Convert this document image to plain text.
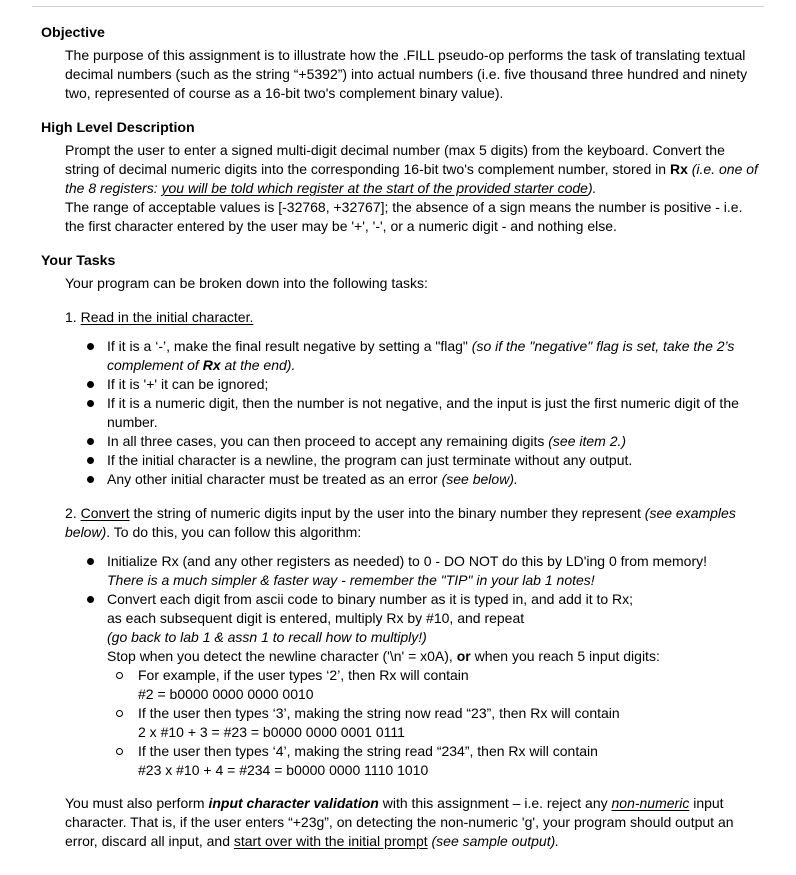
Objective

The purpose of this assignment is to illustrate how the .FILL pseudo-op performs the task of translating textual decimal numbers (such as the string “+5392”) into actual numbers (i.e. five thousand three hundred and ninety two, represented of course as a 16-bit two's complement binary value).

High Level Description

Prompt the user to enter a signed multi-digit decimal number (max 5 digits) from the keyboard. Convert the string of decimal numeric digits into the corresponding 16-bit two's complement number, stored in Rx (i.e. one of the 8 registers: you will be told which register at the start of the provided starter code).

The range of acceptable values is [-32768, +32767]; the absence of a sign means the number is positive - i.e. the first character entered by the user may be '+', '-', or a numeric digit - and nothing else.

Your Tasks

Your program can be broken down into the following tasks:

1. Read in the initial character.

If it is a ‘-’, make the final result negative by setting a "flag" (so if the "negative" flag is set, take the 2’s complement of Rx at the end).
If it is '+' it can be ignored;
If it is a numeric digit, then the number is not negative, and the input is just the first numeric digit of the number.
In all three cases, you can then proceed to accept any remaining digits (see item 2.)
If the initial character is a newline, the program can just terminate without any output.
Any other initial character must be treated as an error (see below).

2. Convert the string of numeric digits input by the user into the binary number they represent (see examples below). To do this, you can follow this algorithm:

Initialize Rx (and any other registers as needed) to 0 - DO NOT do this by LD'ing 0 from memory!
There is a much simpler & faster way - remember the "TIP" in your lab 1 notes!
Convert each digit from ascii code to binary number as it is typed in, and add it to Rx;
as each subsequent digit is entered, multiply Rx by #10, and repeat
(go back to lab 1 & assn 1 to recall how to multiply!)
Stop when you detect the newline character ('\n' = x0A), or when you reach 5 input digits:
For example, if the user types ‘2’, then Rx will contain
#2 = b0000 0000 0000 0010
If the user then types ‘3’, making the string now read “23”, then Rx will contain
2 x #10 + 3 = #23 = b0000 0000 0001 0111
If the user then types ‘4’, making the string read “234”, then Rx will contain
#23 x #10 + 4 = #234 = b0000 0000 1110 1010

You must also perform input character validation with this assignment – i.e. reject any non-numeric input character. That is, if the user enters “+23g”, on detecting the non-numeric 'g', your program should output an error, discard all input, and start over with the initial prompt (see sample output).
